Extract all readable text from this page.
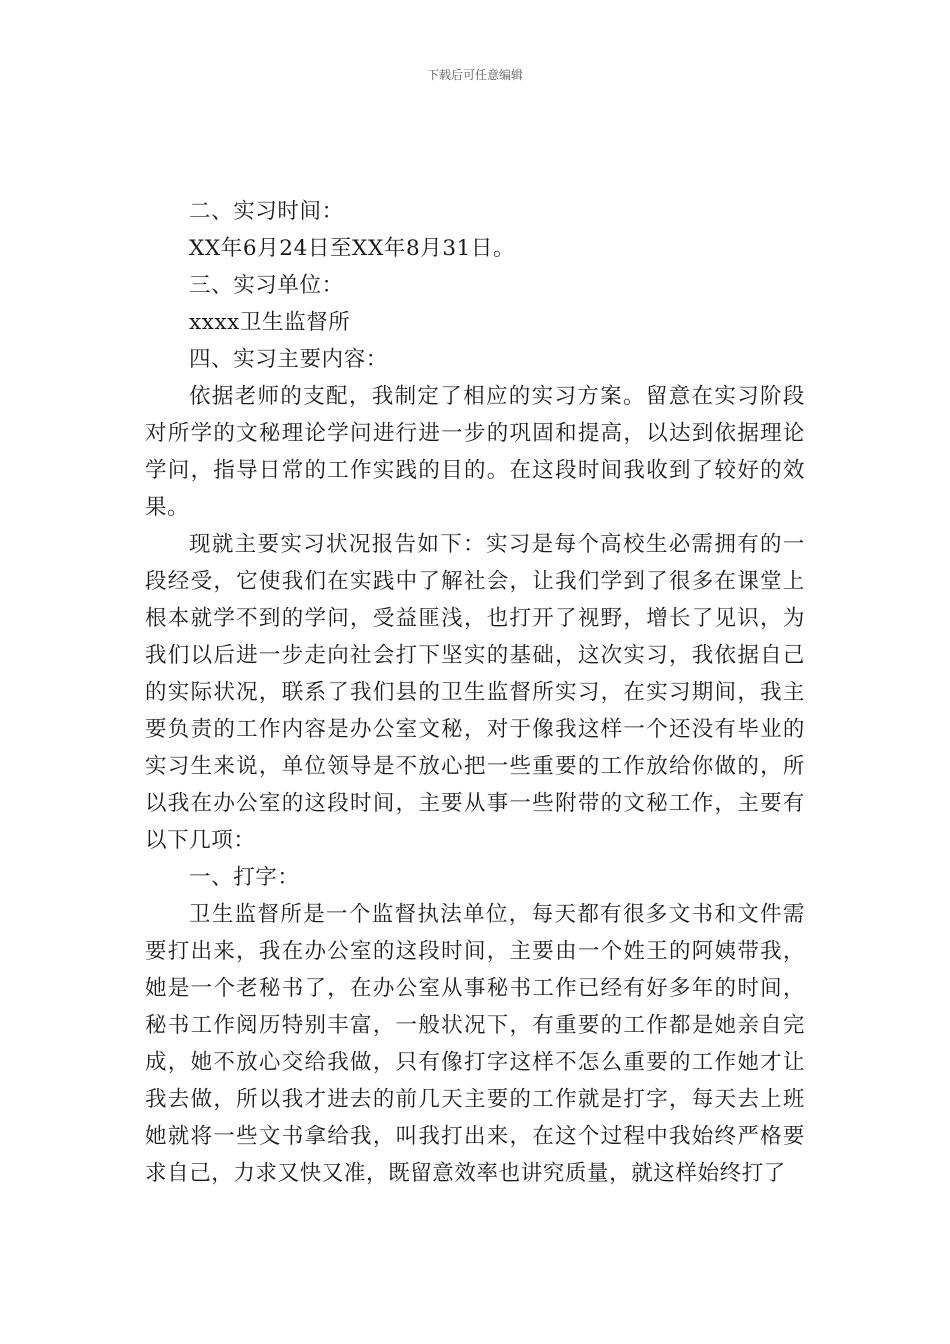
下载后可任意编辑
二、实习时间：
XX年6月24日至XX年8月31日。
三、实习单位：
xxxx卫生监督所
四、实习主要内容：

依据老师的支配，我制定了相应的实习方案。留意在实习阶段对所学的文秘理论学问进行进一步的巩固和提高，以达到依据理论学问，指导日常的工作实践的目的。在这段时间我收到了较好的效果。

现就主要实习状况报告如下：实习是每个高校生必需拥有的一段经受，它使我们在实践中了解社会，让我们学到了很多在课堂上根本就学不到的学问，受益匪浅，也打开了视野，增长了见识，为我们以后进一步走向社会打下坚实的基础，这次实习，我依据自己的实际状况，联系了我们县的卫生监督所实习，在实习期间，我主要负责的工作内容是办公室文秘，对于像我这样一个还没有毕业的实习生来说，单位领导是不放心把一些重要的工作放给你做的，所以我在办公室的这段时间，主要从事一些附带的文秘工作，主要有以下几项：

一、打字：

卫生监督所是一个监督执法单位，每天都有很多文书和文件需要打出来，我在办公室的这段时间，主要由一个姓王的阿姨带我，她是一个老秘书了，在办公室从事秘书工作已经有好多年的时间，秘书工作阅历特别丰富，一般状况下，有重要的工作都是她亲自完成，她不放心交给我做，只有像打字这样不怎么重要的工作她才让我去做，所以我才进去的前几天主要的工作就是打字，每天去上班她就将一些文书拿给我，叫我打出来，在这个过程中我始终严格要求自己，力求又快又准，既留意效率也讲究质量，就这样始终打了
